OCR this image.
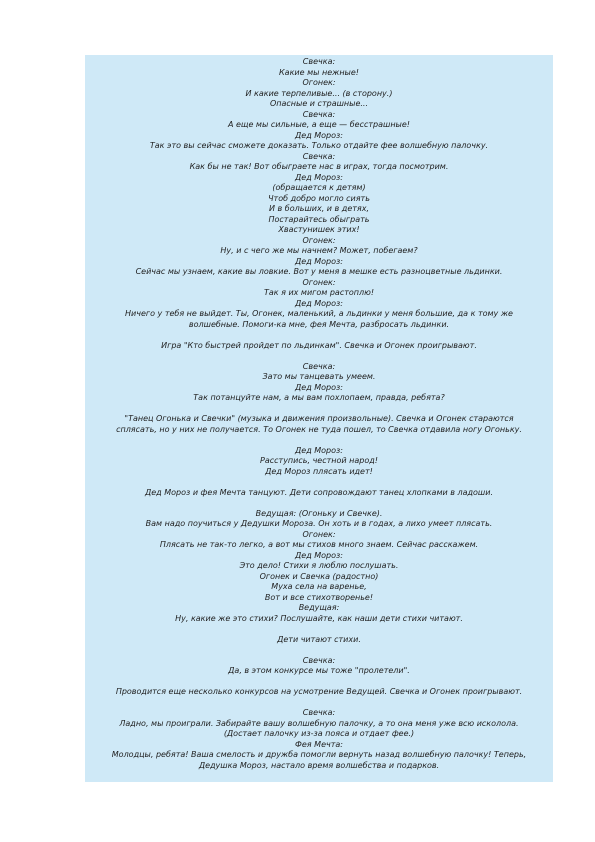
Свечка:
Какие мы нежные!
Огонек:
И какие терпеливые... (в сторону.)
Опасные и страшные...
Свечка:
А еще мы сильные, а еще — бесстрашные!
Дед Мороз:
Так это вы сейчас сможете доказать. Только отдайте фее волшебную палочку.
Свечка:
Как бы не так! Вот обыграете нас в играх, тогда посмотрим.
Дед Мороз:
(обращается к детям)
Чтоб добро могло сиять
И в больших, и в детях,
Постарайтесь обыграть
Хвастунишек этих!
Огонек:
Ну, и с чего же мы начнем? Может, побегаем?
Дед Мороз:
Сейчас мы узнаем, какие вы ловкие. Вот у меня в мешке есть разноцветные льдинки.
Огонек:
Так я их мигом растоплю!
Дед Мороз:
Ничего у тебя не выйдет. Ты, Огонек, маленький, а льдинки у меня большие, да к тому же
волшебные. Помоги-ка мне, фея Мечта, разбросать льдинки.
Игра "Кто быстрей пройдет по льдинкам". Свечка и Огонек проигрывают.
Свечка:
Зато мы танцевать умеем.
Дед Мороз:
Так потанцуйте нам, а мы вам похлопаем, правда, ребята?
"Танец Огонька и Свечки" (музыка и движения произвольные). Свечка и Огонек стараются
сплясать, но у них не получается. То Огонек не туда пошел, то Свечка отдавила ногу Огоньку.
Дед Мороз:
Расступись, честной народ!
Дед Мороз плясать идет!
Дед Мороз и фея Мечта танцуют. Дети сопровождают танец хлопками в ладоши.
Ведущая: (Огоньку и Свечке).
Вам надо поучиться у Дедушки Мороза. Он хоть и в годах, а лихо умеет плясать.
Огонек:
Плясать не так-то легко, а вот мы стихов много знаем. Сейчас расскажем.
Дед Мороз:
Это дело! Стихи я люблю послушать.
Огонек и Свечка (радостно)
Муха села на варенье,
Вот и все стихотворенье!
Ведущая:
Ну, какие же это стихи? Послушайте, как наши дети стихи читают.
Дети читают стихи.
Свечка:
Да, в этом конкурсе мы тоже "пролетели".
Проводится еще несколько конкурсов на усмотрение Ведущей. Свечка и Огонек проигрывают.
Свечка:
Ладно, мы проиграли. Забирайте вашу волшебную палочку, а то она меня уже всю исколола.
(Достает палочку из-за пояса и отдает фее.)
Фея Мечта:
Молодцы, ребята! Ваша смелость и дружба помогли вернуть назад волшебную палочку! Теперь,
Дедушка Мороз, настало время волшебства и подарков.
